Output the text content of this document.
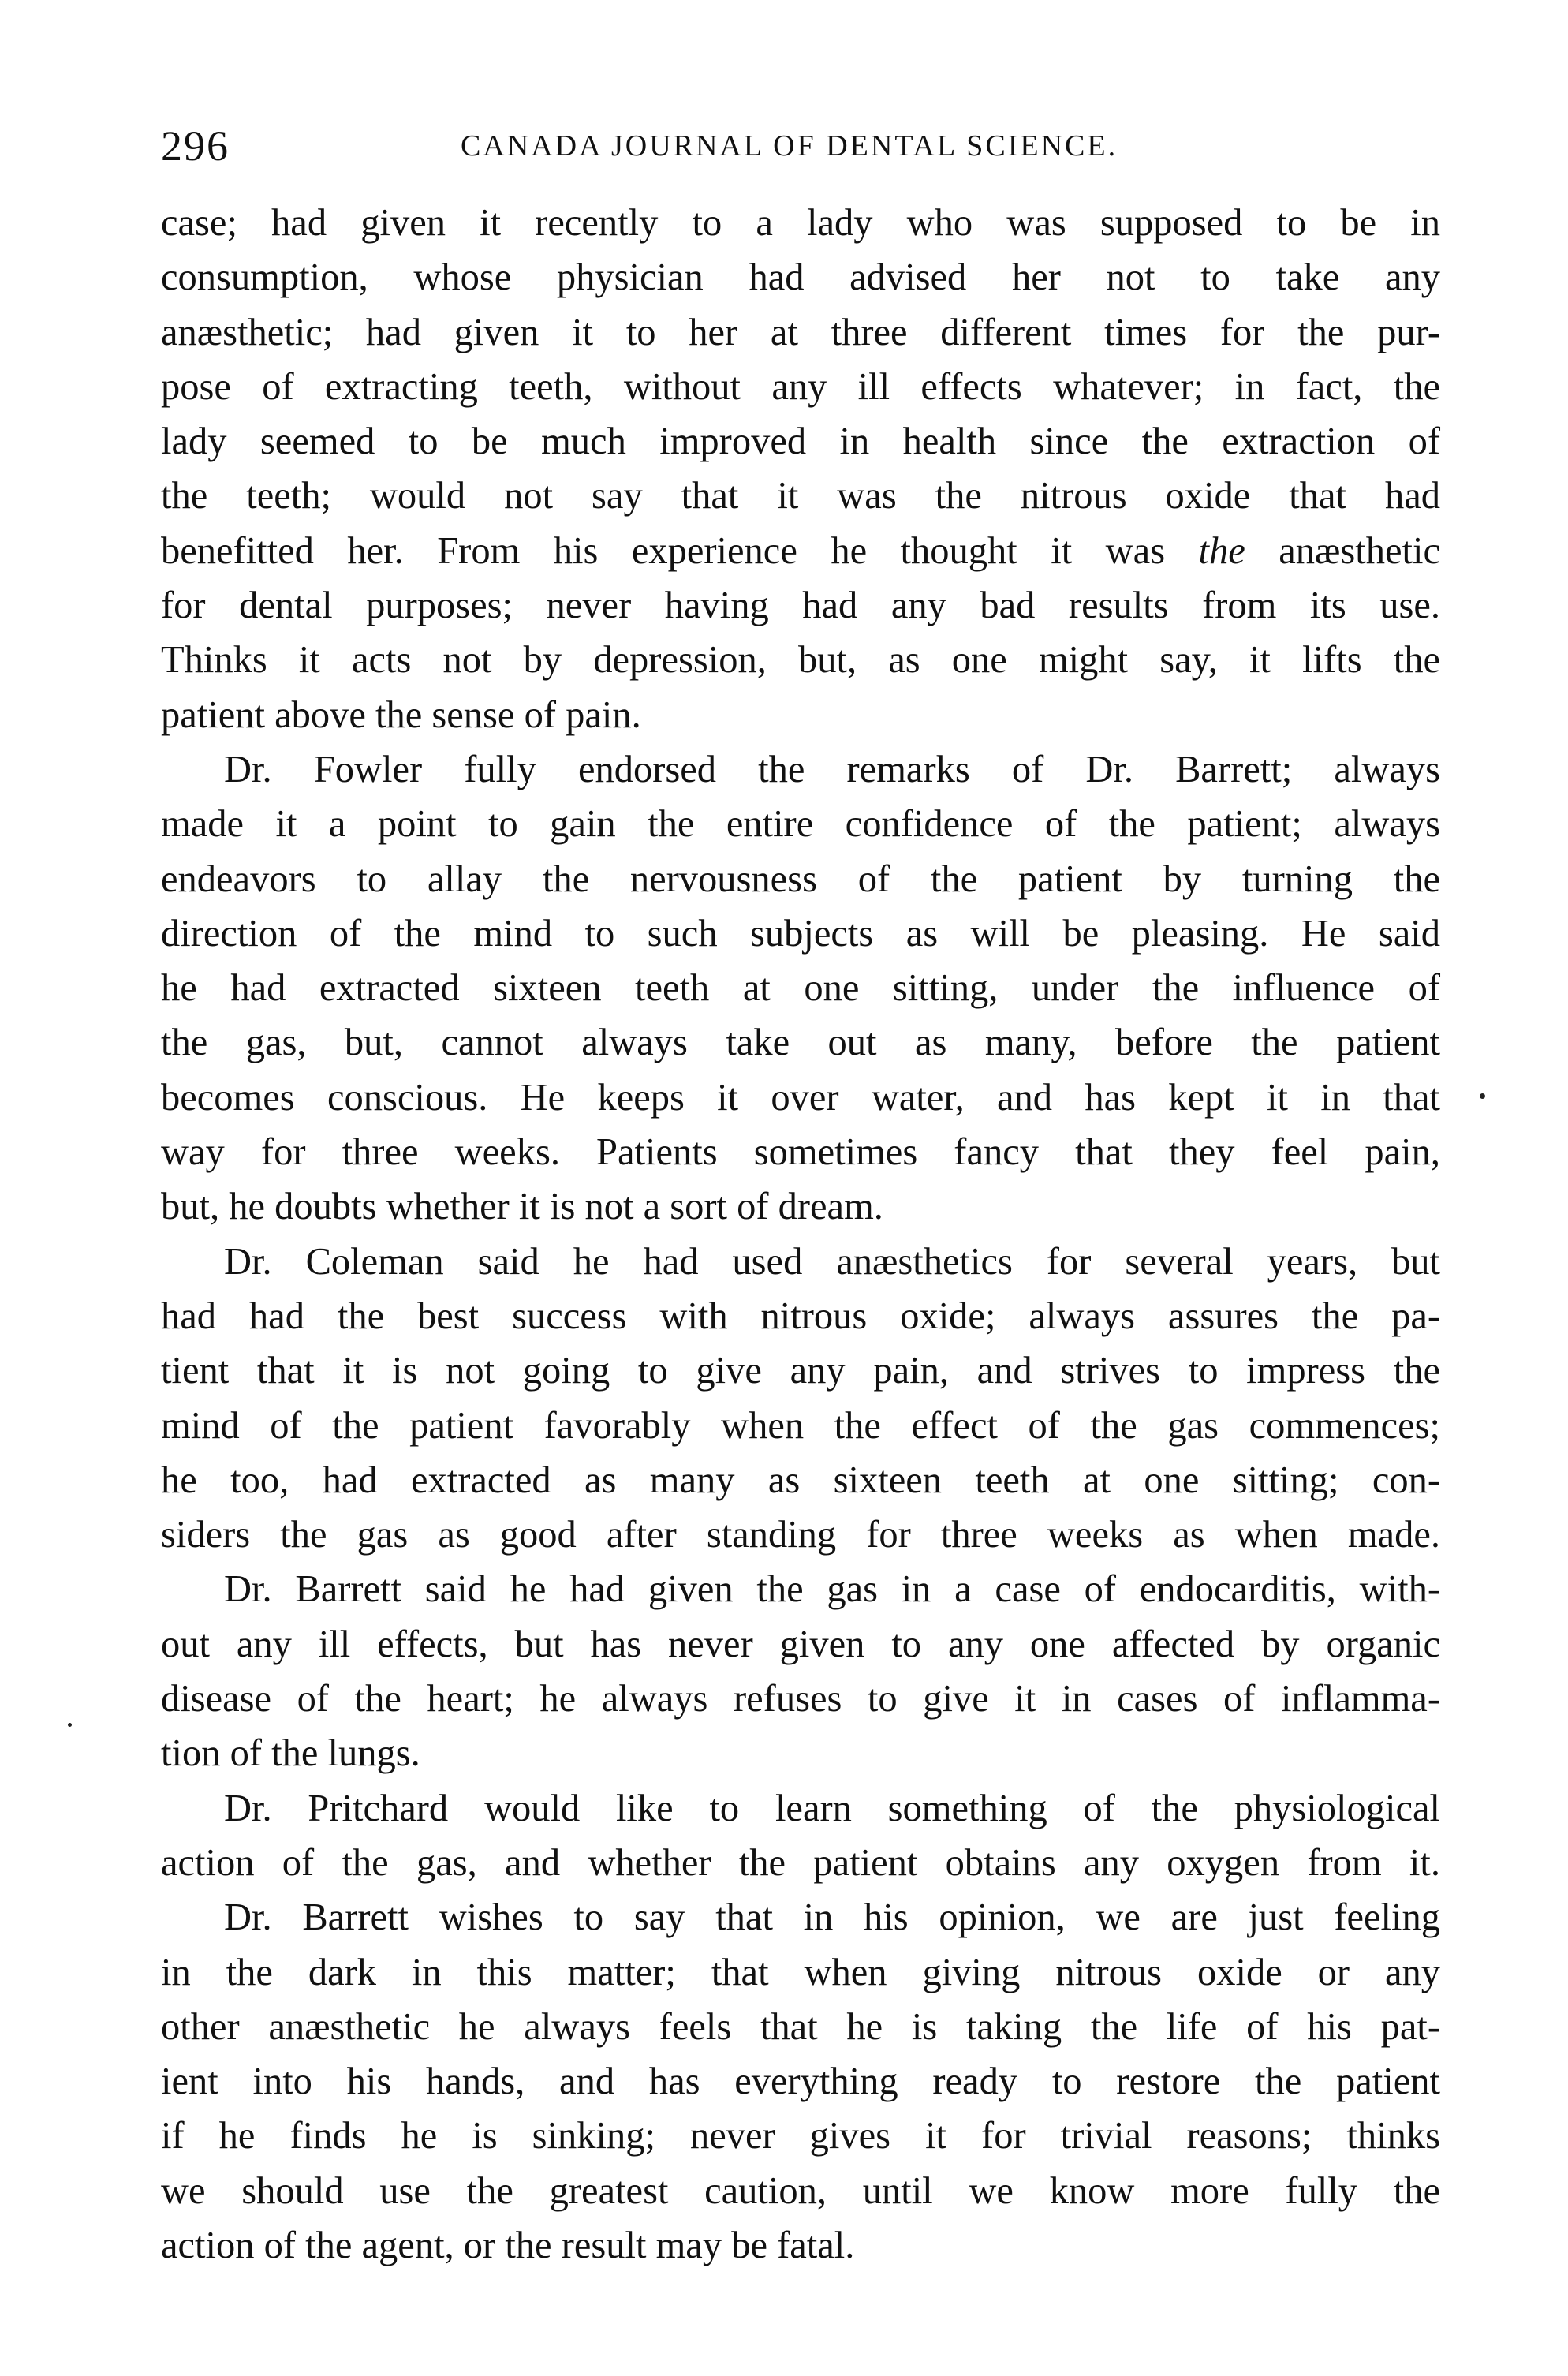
296	CANADA JOURNAL OF DENTAL SCIENCE.
case; had given it recently to a lady who was supposed to be in
consumption, whose physician had advised her not to take any
anæsthetic; had given it to her at three different times for the pur-
pose of extracting teeth, without any ill effects whatever; in fact, the
lady seemed to be much improved in health since the extraction of
the teeth; would not say that it was the nitrous oxide that had
benefitted her. From his experience he thought it was the anæsthetic
for dental purposes; never having had any bad results from its use.
Thinks it acts not by depression, but, as one might say, it lifts the
patient above the sense of pain.
Dr. Fowler fully endorsed the remarks of Dr. Barrett; always
made it a point to gain the entire confidence of the patient; always
endeavors to allay the nervousness of the patient by turning the
direction of the mind to such subjects as will be pleasing. He said
he had extracted sixteen teeth at one sitting, under the influence of
the gas, but, cannot always take out as many, before the patient
becomes conscious. He keeps it over water, and has kept it in that
way for three weeks. Patients sometimes fancy that they feel pain,
but, he doubts whether it is not a sort of dream.
Dr. Coleman said he had used anæsthetics for several years, but
had had the best success with nitrous oxide; always assures the pa-
tient that it is not going to give any pain, and strives to impress the
mind of the patient favorably when the effect of the gas commences;
he too, had extracted as many as sixteen teeth at one sitting; con-
siders the gas as good after standing for three weeks as when made.
Dr. Barrett said he had given the gas in a case of endocarditis, with-
out any ill effects, but has never given to any one affected by organic
disease of the heart; he always refuses to give it in cases of inflamma-
tion of the lungs.
Dr. Pritchard would like to learn something of the physiological
action of the gas, and whether the patient obtains any oxygen from it.
Dr. Barrett wishes to say that in his opinion, we are just feeling
in the dark in this matter; that when giving nitrous oxide or any
other anæsthetic he always feels that he is taking the life of his pat-
ient into his hands, and has everything ready to restore the patient
if he finds he is sinking; never gives it for trivial reasons; thinks
we should use the greatest caution, until we know more fully the
action of the agent, or the result may be fatal.
